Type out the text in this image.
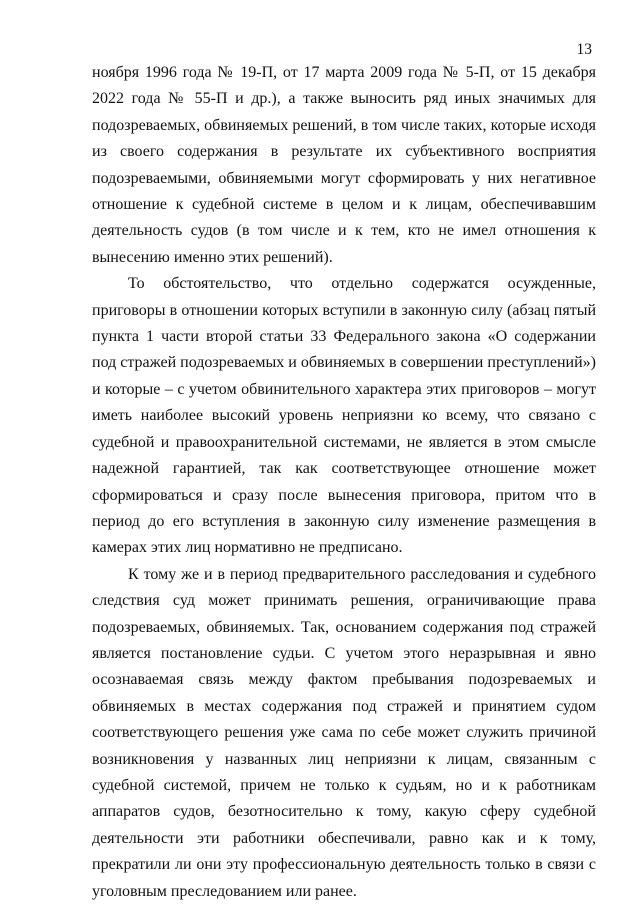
13

ноября 1996 года № 19-П, от 17 марта 2009 года № 5-П, от 15 декабря 2022 года № 55-П и др.), а также выносить ряд иных значимых для подозреваемых, обвиняемых решений, в том числе таких, которые исходя из своего содержания в результате их субъективного восприятия подозреваемыми, обвиняемыми могут сформировать у них негативное отношение к судебной системе в целом и к лицам, обеспечивавшим деятельность судов (в том числе и к тем, кто не имел отношения к вынесению именно этих решений).

То обстоятельство, что отдельно содержатся осужденные, приговоры в отношении которых вступили в законную силу (абзац пятый пункта 1 части второй статьи 33 Федерального закона «О содержании под стражей подозреваемых и обвиняемых в совершении преступлений») и которые – с учетом обвинительного характера этих приговоров – могут иметь наиболее высокий уровень неприязни ко всему, что связано с судебной и правоохранительной системами, не является в этом смысле надежной гарантией, так как соответствующее отношение может сформироваться и сразу после вынесения приговора, притом что в период до его вступления в законную силу изменение размещения в камерах этих лиц нормативно не предписано.

К тому же и в период предварительного расследования и судебного следствия суд может принимать решения, ограничивающие права подозреваемых, обвиняемых. Так, основанием содержания под стражей является постановление судьи. С учетом этого неразрывная и явно осознаваемая связь между фактом пребывания подозреваемых и обвиняемых в местах содержания под стражей и принятием судом соответствующего решения уже сама по себе может служить причиной возникновения у названных лиц неприязни к лицам, связанным с судебной системой, причем не только к судьям, но и к работникам аппаратов судов, безотносительно к тому, какую сферу судебной деятельности эти работники обеспечивали, равно как и к тому, прекратили ли они эту профессиональную деятельность только в связи с уголовным преследованием или ранее.
